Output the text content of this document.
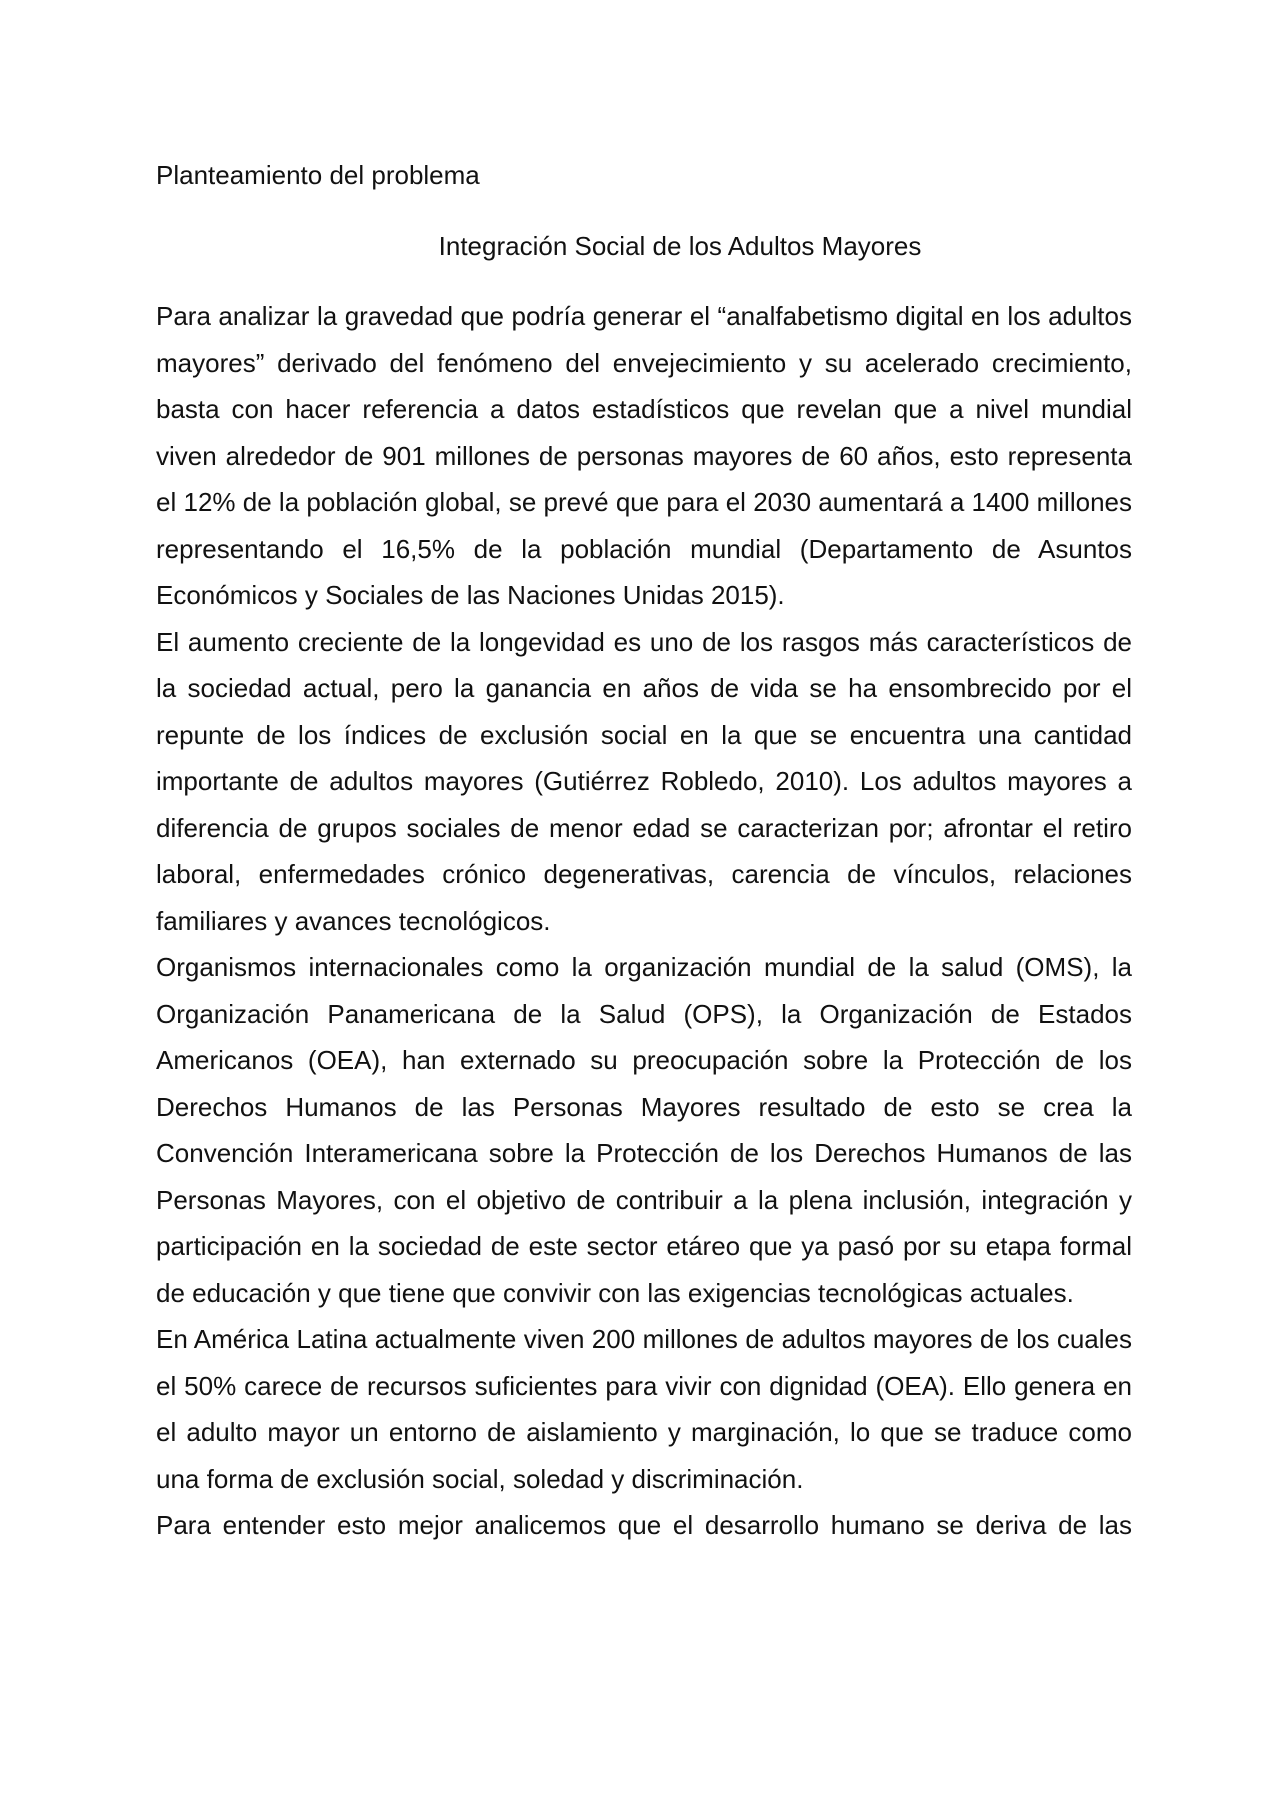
Planteamiento del problema

Integración Social de los Adultos Mayores

Para analizar la gravedad que podría generar el “analfabetismo digital en los adultos mayores” derivado del fenómeno del envejecimiento y su acelerado crecimiento, basta con hacer referencia a datos estadísticos que revelan que a nivel mundial viven alrededor de 901 millones de personas mayores de 60 años, esto representa el 12% de la población global, se prevé que para el 2030 aumentará a 1400 millones representando el 16,5% de la población mundial (Departamento de Asuntos Económicos y Sociales de las Naciones Unidas 2015).

El aumento creciente de la longevidad es uno de los rasgos más característicos de la sociedad actual, pero la ganancia en años de vida se ha ensombrecido por el repunte de los índices de exclusión social en la que se encuentra una cantidad importante de adultos mayores (Gutiérrez Robledo, 2010). Los adultos mayores a diferencia de grupos sociales de menor edad se caracterizan por; afrontar el retiro laboral, enfermedades crónico degenerativas, carencia de vínculos, relaciones familiares y avances tecnológicos.

Organismos internacionales como la organización mundial de la salud (OMS), la Organización Panamericana de la Salud (OPS), la Organización de Estados Americanos (OEA), han externado su preocupación sobre la Protección de los Derechos Humanos de las Personas Mayores resultado de esto se crea la Convención Interamericana sobre la Protección de los Derechos Humanos de las Personas Mayores, con el objetivo de contribuir a la plena inclusión, integración y participación en la sociedad de este sector etáreo que ya pasó por su etapa formal de educación y que tiene que convivir con las exigencias tecnológicas actuales.

En América Latina actualmente viven 200 millones de adultos mayores de los cuales el 50% carece de recursos suficientes para vivir con dignidad (OEA). Ello genera en el adulto mayor un entorno de aislamiento y marginación, lo que se traduce como una forma de exclusión social, soledad y discriminación.

Para entender esto mejor analicemos que el desarrollo humano se deriva de las
